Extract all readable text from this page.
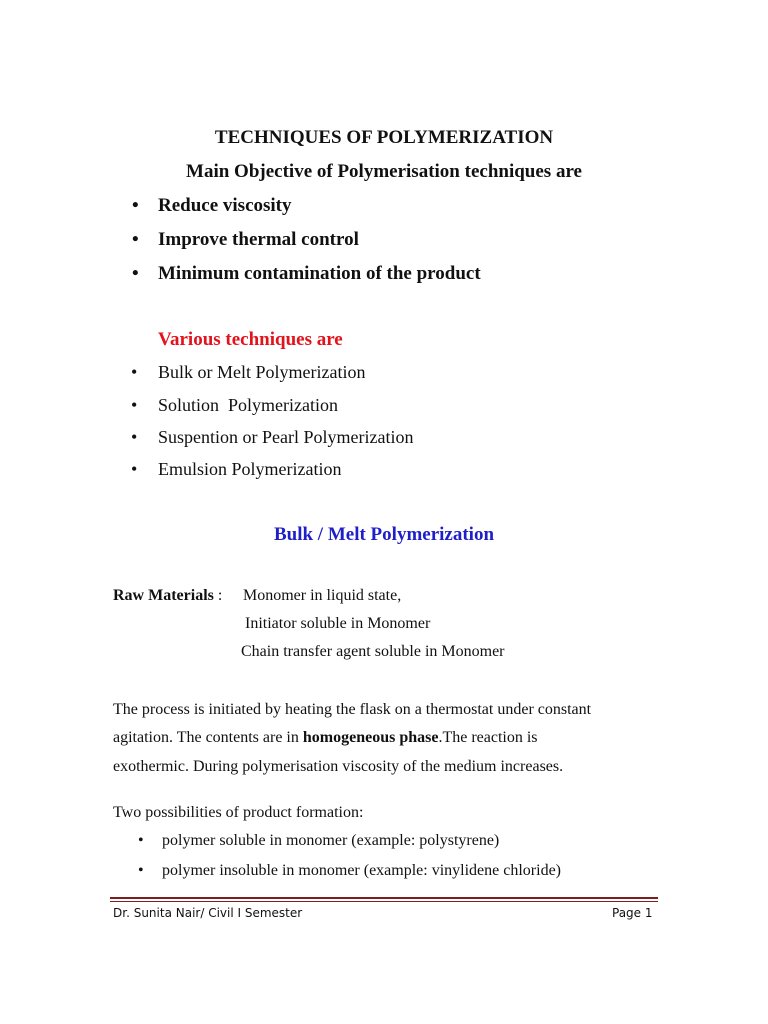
TECHNIQUES OF POLYMERIZATION
Main Objective of Polymerisation techniques are
• Reduce viscosity
• Improve thermal control
• Minimum contamination of the product
Various techniques are
• Bulk or Melt Polymerization
• Solution  Polymerization
• Suspention or Pearl Polymerization
• Emulsion Polymerization
Bulk / Melt Polymerization
Raw Materials : Monomer in liquid state,
Initiator soluble in Monomer
Chain transfer agent soluble in Monomer
The process is initiated by heating the flask on a thermostat under constant
agitation. The contents are in homogeneous phase.The reaction is
exothermic. During polymerisation viscosity of the medium increases.
Two possibilities of product formation:
• polymer soluble in monomer (example: polystyrene)
• polymer insoluble in monomer (example: vinylidene chloride)
Dr. Sunita Nair/ Civil I Semester	Page 1
